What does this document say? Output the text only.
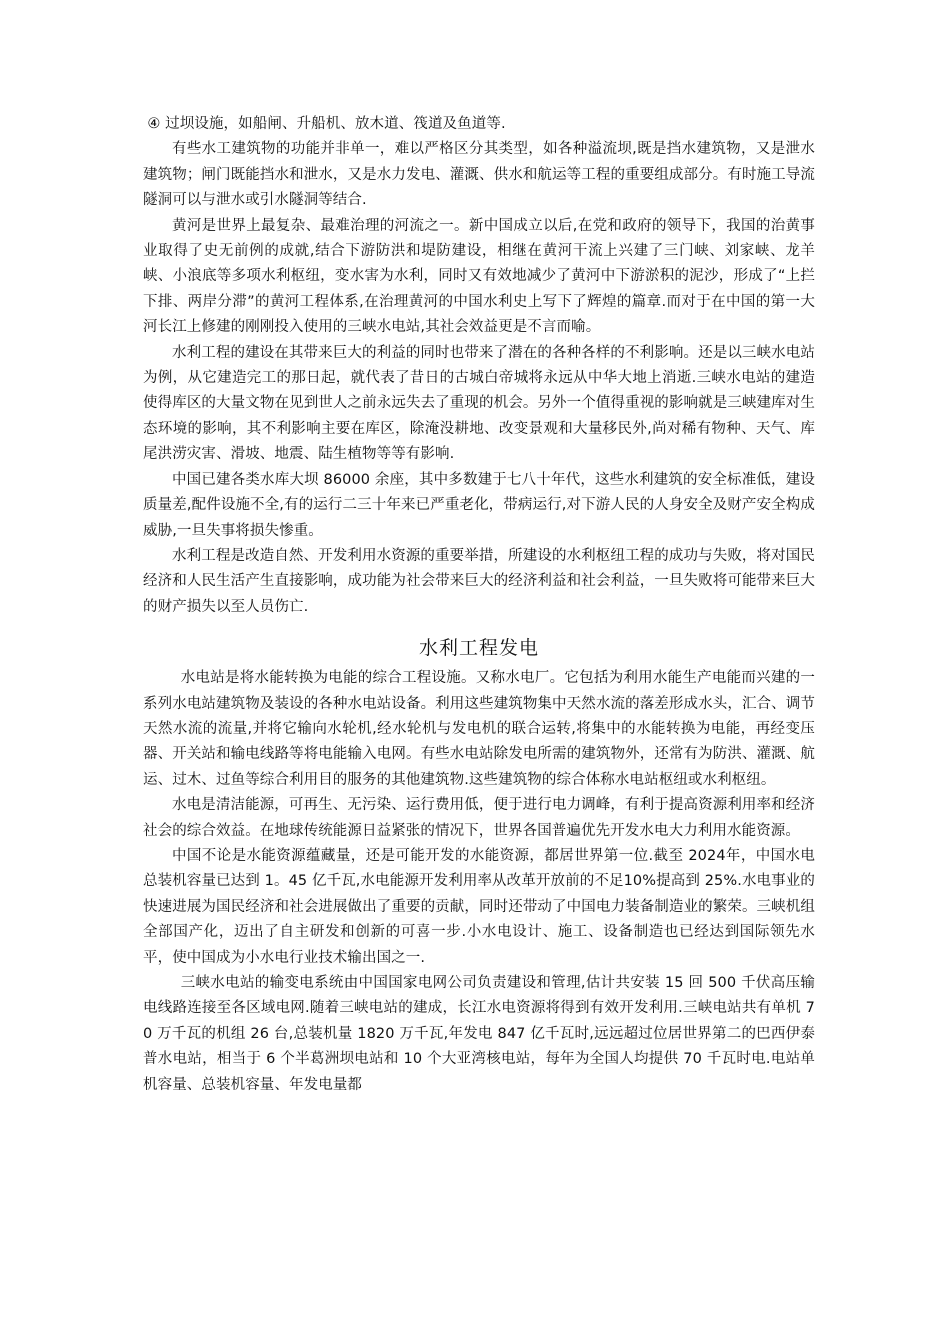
④ 过坝设施，如船闸、升船机、放木道、筏道及鱼道等.

有些水工建筑物的功能并非单一，难以严格区分其类型，如各种溢流坝,既是挡水建筑物，又是泄水建筑物；闸门既能挡水和泄水，又是水力发电、灌溉、供水和航运等工程的重要组成部分。有时施工导流隧洞可以与泄水或引水隧洞等结合.

黄河是世界上最复杂、最难治理的河流之一。新中国成立以后,在党和政府的领导下，我国的治黄事业取得了史无前例的成就,结合下游防洪和堤防建设，相继在黄河干流上兴建了三门峡、刘家峡、龙羊峡、小浪底等多项水利枢纽，变水害为水利，同时又有效地减少了黄河中下游淤积的泥沙，形成了“上拦下排、两岸分滞”的黄河工程体系,在治理黄河的中国水利史上写下了辉煌的篇章.而对于在中国的第一大河长江上修建的刚刚投入使用的三峡水电站,其社会效益更是不言而喻。

水利工程的建设在其带来巨大的利益的同时也带来了潜在的各种各样的不利影响。还是以三峡水电站为例，从它建造完工的那日起，就代表了昔日的古城白帝城将永远从中华大地上消逝.三峡水电站的建造使得库区的大量文物在见到世人之前永远失去了重现的机会。另外一个值得重视的影响就是三峡建库对生态环境的影响，其不利影响主要在库区，除淹没耕地、改变景观和大量移民外,尚对稀有物种、天气、库尾洪涝灾害、滑坡、地震、陆生植物等等有影响.

中国已建各类水库大坝 86000 余座，其中多数建于七八十年代，这些水利建筑的安全标准低，建设质量差,配件设施不全,有的运行二三十年来已严重老化，带病运行,对下游人民的人身安全及财产安全构成威胁,一旦失事将损失惨重。

水利工程是改造自然、开发利用水资源的重要举措，所建设的水利枢纽工程的成功与失败，将对国民经济和人民生活产生直接影响，成功能为社会带来巨大的经济利益和社会利益，一旦失败将可能带来巨大的财产损失以至人员伤亡.

水利工程发电

水电站是将水能转换为电能的综合工程设施。又称水电厂。它包括为利用水能生产电能而兴建的一系列水电站建筑物及装设的各种水电站设备。利用这些建筑物集中天然水流的落差形成水头，汇合、调节天然水流的流量,并将它输向水轮机,经水轮机与发电机的联合运转,将集中的水能转换为电能，再经变压器、开关站和输电线路等将电能输入电网。有些水电站除发电所需的建筑物外，还常有为防洪、灌溉、航运、过木、过鱼等综合利用目的服务的其他建筑物.这些建筑物的综合体称水电站枢纽或水利枢纽。

水电是清洁能源，可再生、无污染、运行费用低，便于进行电力调峰，有利于提高资源利用率和经济社会的综合效益。在地球传统能源日益紧张的情况下，世界各国普遍优先开发水电大力利用水能资源。

中国不论是水能资源蕴藏量，还是可能开发的水能资源，都居世界第一位.截至 2024年，中国水电总装机容量已达到 1。45 亿千瓦,水电能源开发利用率从改革开放前的不足10%提高到 25%.水电事业的快速进展为国民经济和社会进展做出了重要的贡献，同时还带动了中国电力装备制造业的繁荣。三峡机组全部国产化，迈出了自主研发和创新的可喜一步.小水电设计、施工、设备制造也已经达到国际领先水平，使中国成为小水电行业技术输出国之一.

三峡水电站的输变电系统由中国国家电网公司负责建设和管理,估计共安装 15 回 500 千伏高压输电线路连接至各区域电网.随着三峡电站的建成，长江水电资源将得到有效开发利用.三峡电站共有单机 70 万千瓦的机组 26 台,总装机量 1820 万千瓦,年发电 847 亿千瓦时,远远超过位居世界第二的巴西伊泰普水电站，相当于 6 个半葛洲坝电站和 10 个大亚湾核电站，每年为全国人均提供 70 千瓦时电.电站单机容量、总装机容量、年发电量都
